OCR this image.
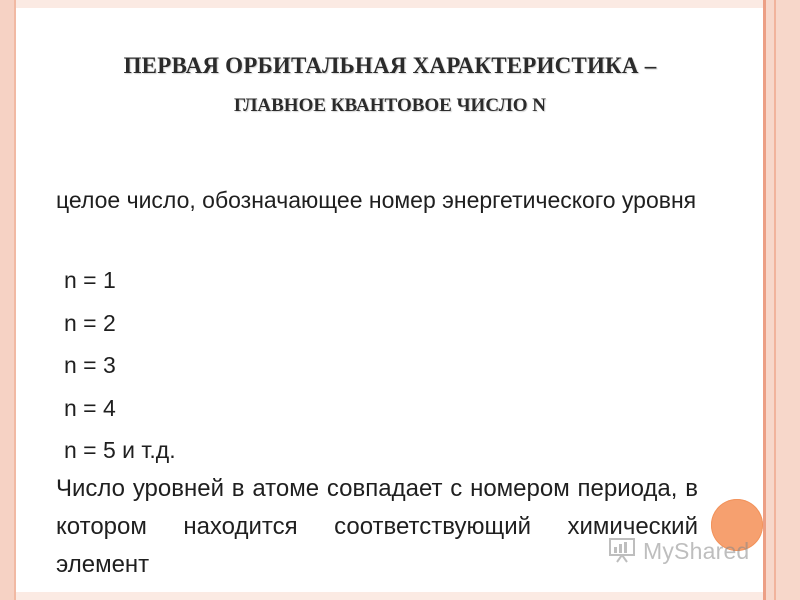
ПЕРВАЯ ОРБИТАЛЬНАЯ ХАРАКТЕРИСТИКА –
ГЛАВНОЕ КВАНТОВОЕ ЧИСЛО N
целое число, обозначающее номер энергетического уровня
n = 1
n = 2
n = 3
n = 4
n = 5 и т.д.
Число уровней в атоме совпадает с номером периода, в котором находится соответствующий химический элемент
MyShared
